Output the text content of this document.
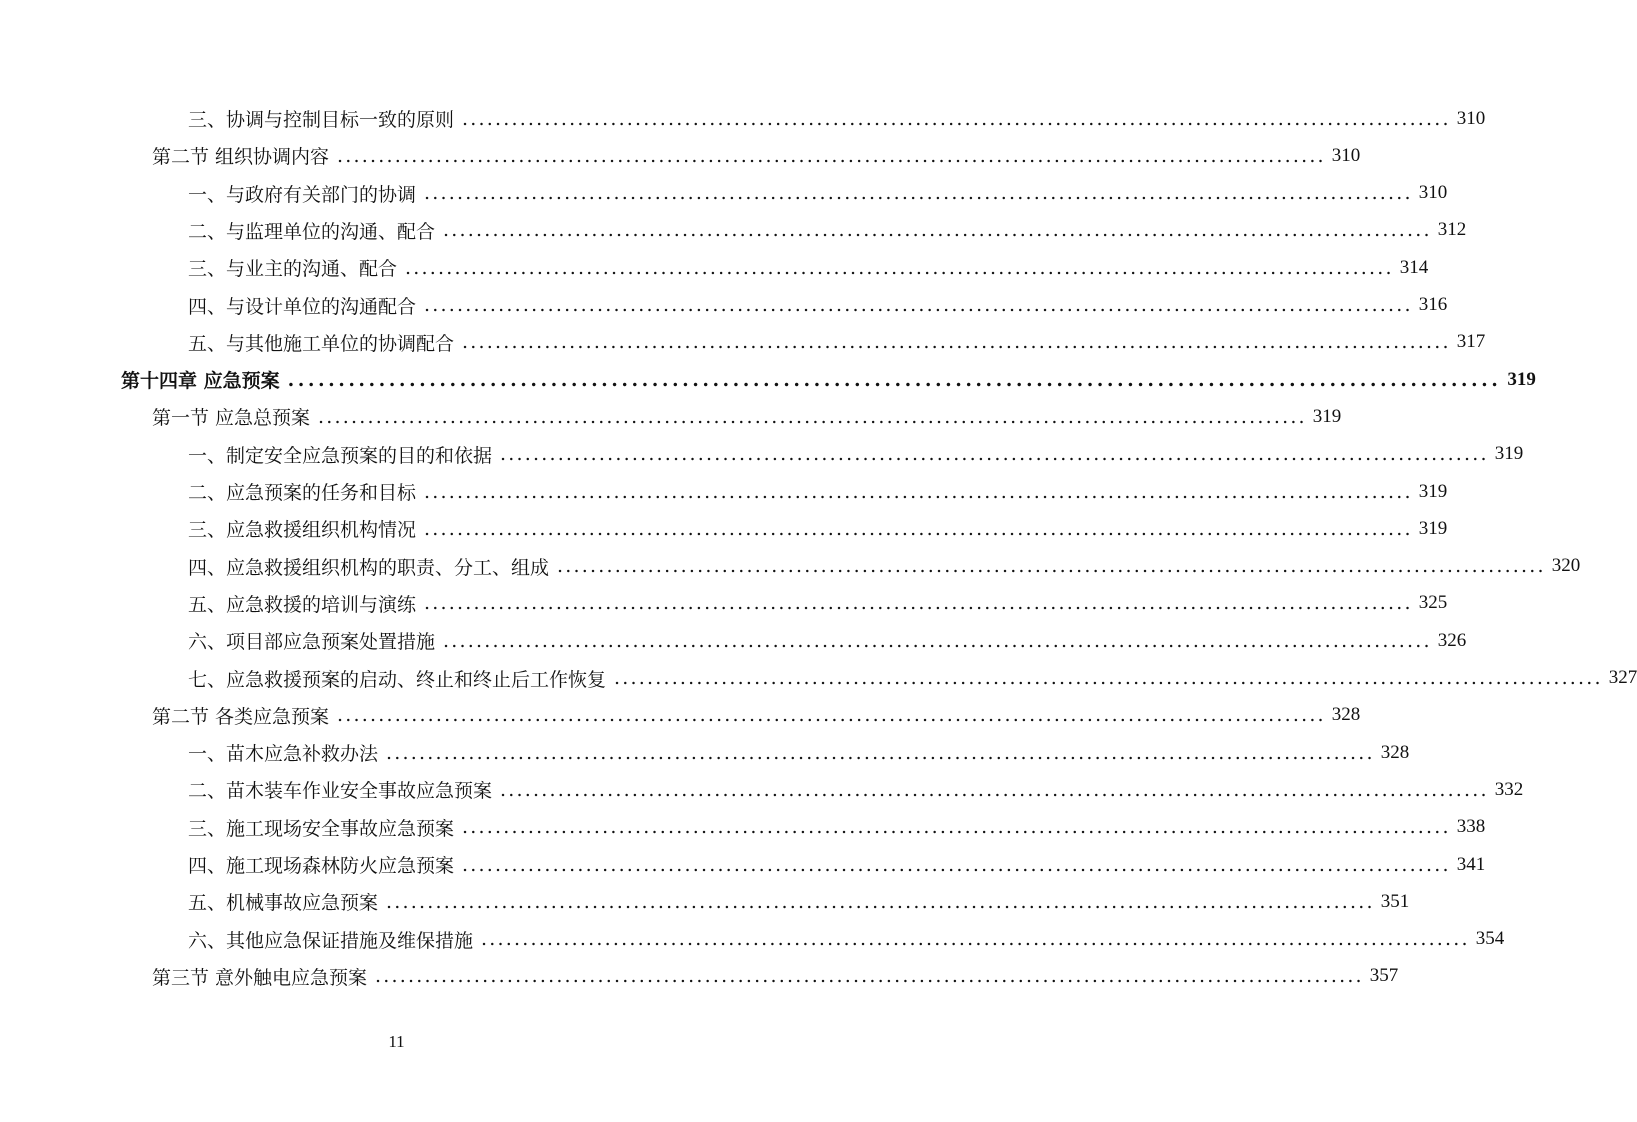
三、协调与控制目标一致的原则 ........................................................................................................................ 310
第二节 组织协调内容 ........................................................................................................................ 310
一、与政府有关部门的协调 ........................................................................................................................ 310
二、与监理单位的沟通、配合 ........................................................................................................................ 312
三、与业主的沟通、配合 ........................................................................................................................ 314
四、与设计单位的沟通配合 ........................................................................................................................ 316
五、与其他施工单位的协调配合 ........................................................................................................................ 317
第十四章 应急预案 ........................................................................................................................ 319
第一节 应急总预案 ........................................................................................................................ 319
一、制定安全应急预案的目的和依据 ........................................................................................................................ 319
二、应急预案的任务和目标 ........................................................................................................................ 319
三、应急救援组织机构情况 ........................................................................................................................ 319
四、应急救援组织机构的职责、分工、组成 ........................................................................................................................ 320
五、应急救援的培训与演练 ........................................................................................................................ 325
六、项目部应急预案处置措施 ........................................................................................................................ 326
七、应急救援预案的启动、终止和终止后工作恢复 ........................................................................................................................ 327
第二节 各类应急预案 ........................................................................................................................ 328
一、苗木应急补救办法 ........................................................................................................................ 328
二、苗木装车作业安全事故应急预案 ........................................................................................................................ 332
三、施工现场安全事故应急预案 ........................................................................................................................ 338
四、施工现场森林防火应急预案 ........................................................................................................................ 341
五、机械事故应急预案 ........................................................................................................................ 351
六、其他应急保证措施及维保措施 ........................................................................................................................ 354
第三节 意外触电应急预案 ........................................................................................................................ 357
11
